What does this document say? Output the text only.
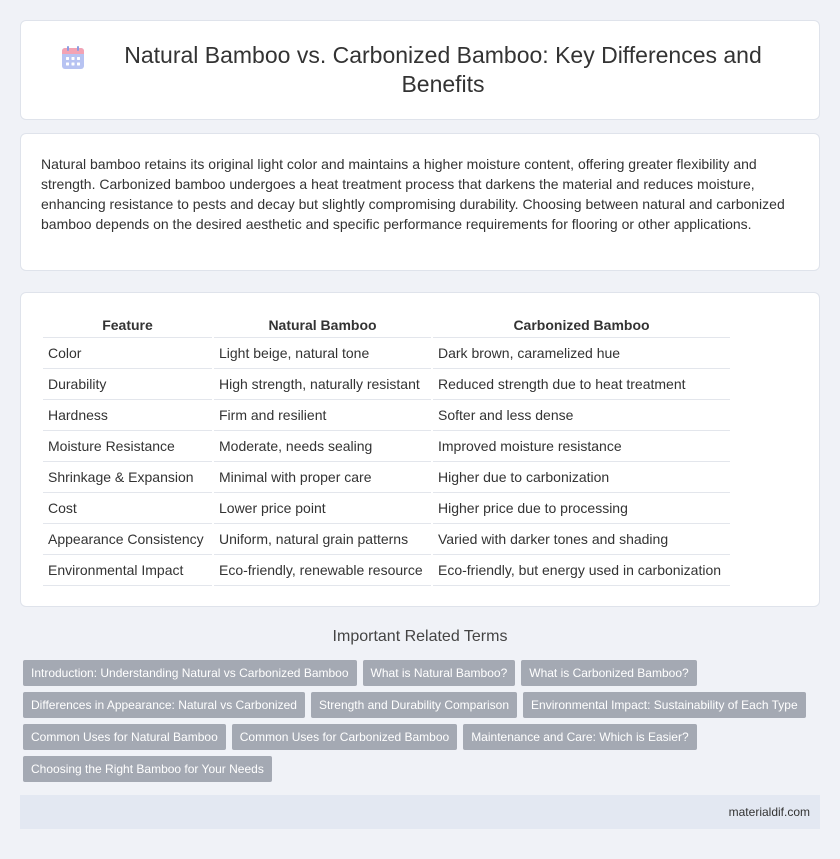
Natural Bamboo vs. Carbonized Bamboo: Key Differences and Benefits

Natural bamboo retains its original light color and maintains a higher moisture content, offering greater flexibility and strength. Carbonized bamboo undergoes a heat treatment process that darkens the material and reduces moisture, enhancing resistance to pests and decay but slightly compromising durability. Choosing between natural and carbonized bamboo depends on the desired aesthetic and specific performance requirements for flooring or other applications.

Feature	Natural Bamboo	Carbonized Bamboo
Color	Light beige, natural tone	Dark brown, caramelized hue
Durability	High strength, naturally resistant	Reduced strength due to heat treatment
Hardness	Firm and resilient	Softer and less dense
Moisture Resistance	Moderate, needs sealing	Improved moisture resistance
Shrinkage & Expansion	Minimal with proper care	Higher due to carbonization
Cost	Lower price point	Higher price due to processing
Appearance Consistency	Uniform, natural grain patterns	Varied with darker tones and shading
Environmental Impact	Eco-friendly, renewable resource	Eco-friendly, but energy used in carbonization
Important Related Terms
Introduction: Understanding Natural vs Carbonized Bamboo	What is Natural Bamboo?	What is Carbonized Bamboo?
Differences in Appearance: Natural vs Carbonized	Strength and Durability Comparison	Environmental Impact: Sustainability of Each Type
Common Uses for Natural Bamboo	Common Uses for Carbonized Bamboo	Maintenance and Care: Which is Easier?
Choosing the Right Bamboo for Your Needs
materialdif.com
